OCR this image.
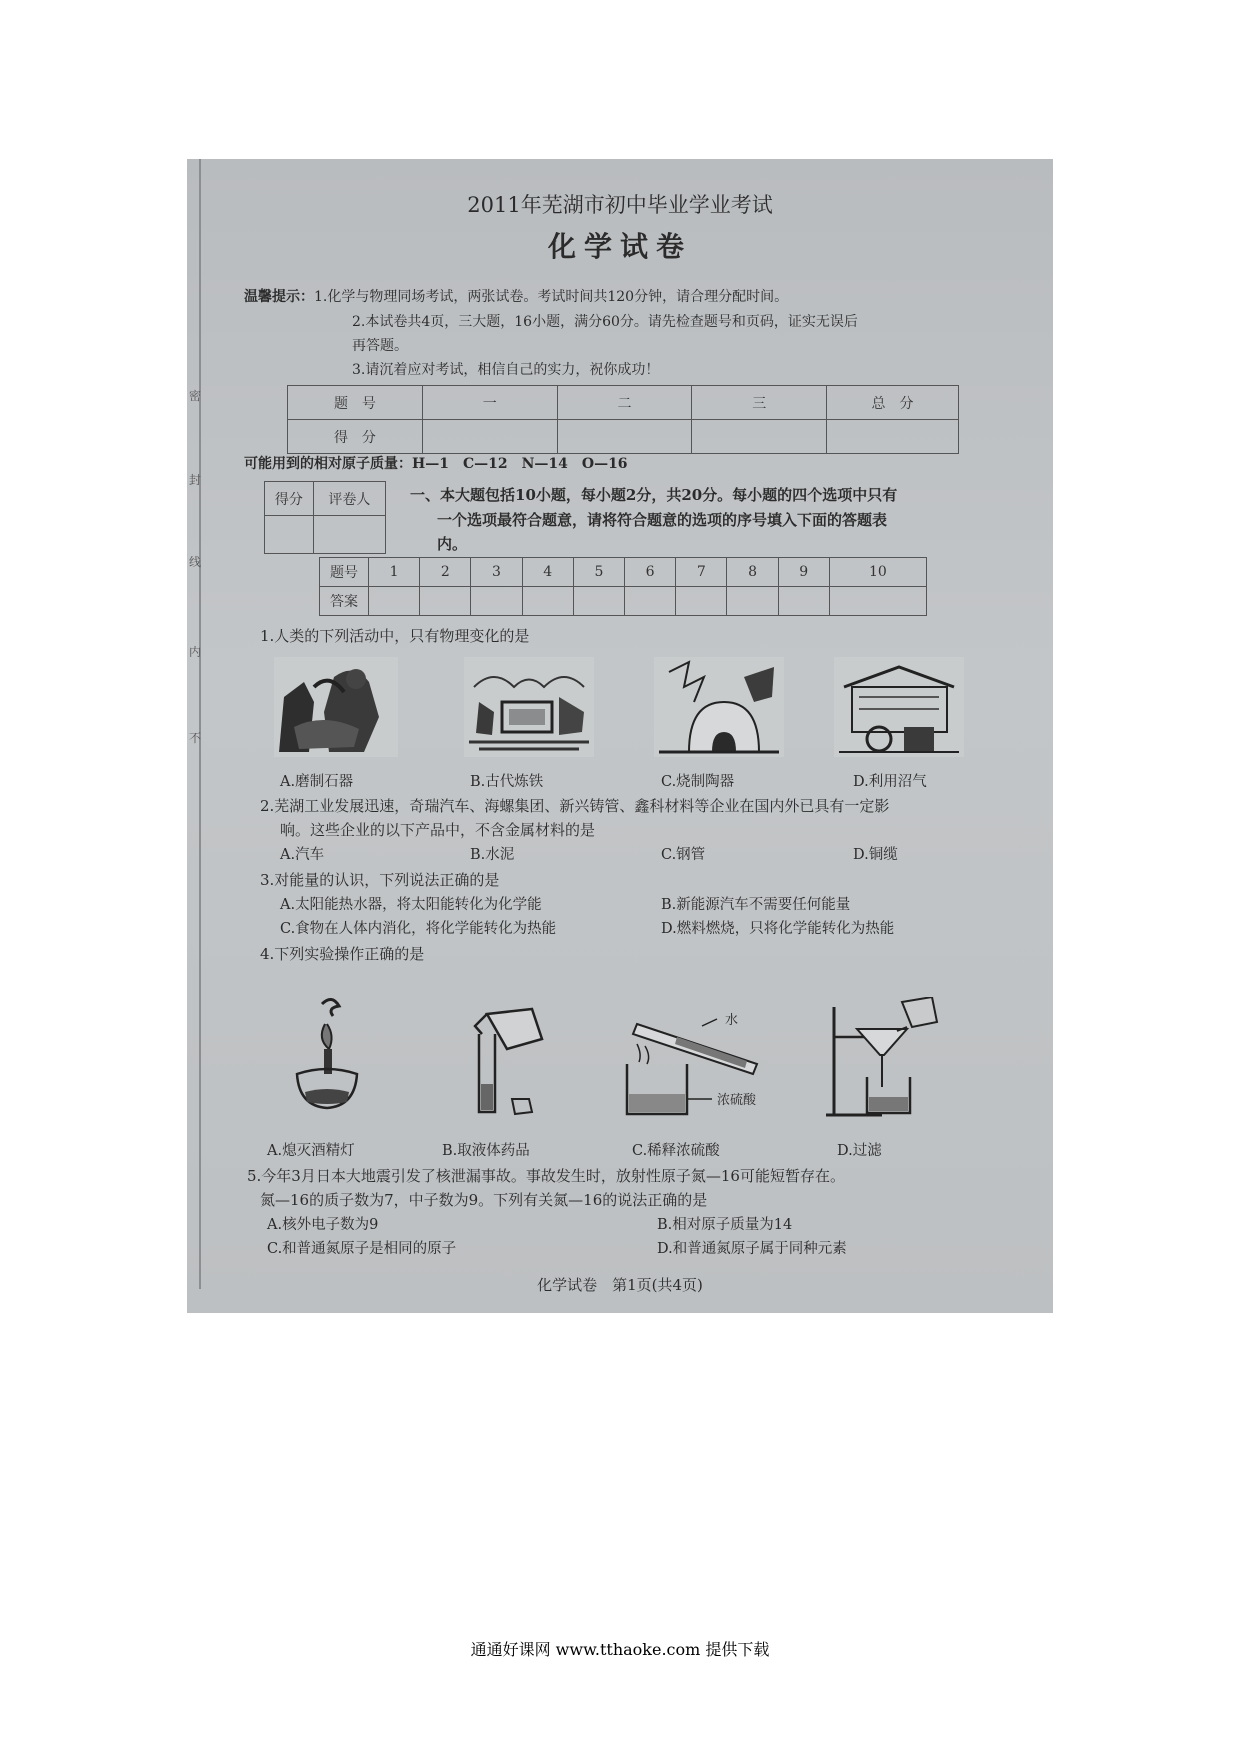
密
封
线
内
不
2011年芜湖市初中毕业学业考试
化学试卷
温馨提示：1.化学与物理同场考试，两张试卷。考试时间共120分钟，请合理分配时间。
2.本试卷共4页，三大题，16小题，满分60分。请先检查题号和页码，证实无误后
再答题。
3.请沉着应对考试，相信自己的实力，祝你成功！
题　号	一	二	三	总　分
得　分				
可能用到的相对原子质量：H—1　C—12　N—14　O—16
得分	评卷人
		一、本大题包括10小题，每小题2分，共20分。每小题的四个选项中只有
一个选项最符合题意，请将符合题意的选项的序号填入下面的答题表
内。
题号	1	2	3	4	5	6	7	8	9	10
答案										
1.人类的下列活动中，只有物理变化的是
A.磨制石器	B.古代炼铁	C.烧制陶器	D.利用沼气
2.芜湖工业发展迅速，奇瑞汽车、海螺集团、新兴铸管、鑫科材料等企业在国内外已具有一定影
响。这些企业的以下产品中，不含金属材料的是
A.汽车	B.水泥	C.钢管	D.铜缆
3.对能量的认识，下列说法正确的是
A.太阳能热水器，将太阳能转化为化学能	B.新能源汽车不需要任何能量
C.食物在人体内消化，将化学能转化为热能	D.燃料燃烧，只将化学能转化为热能
4.下列实验操作正确的是
水
浓硫酸
A.熄灭酒精灯	B.取液体药品	C.稀释浓硫酸	D.过滤
5.今年3月日本大地震引发了核泄漏事故。事故发生时，放射性原子氮—16可能短暂存在。
氮—16的质子数为7，中子数为9。下列有关氮—16的说法正确的是
A.核外电子数为9	B.相对原子质量为14
C.和普通氮原子是相同的原子	D.和普通氮原子属于同种元素
化学试卷　第1页(共4页)
通通好课网 www.tthaoke.com 提供下载
